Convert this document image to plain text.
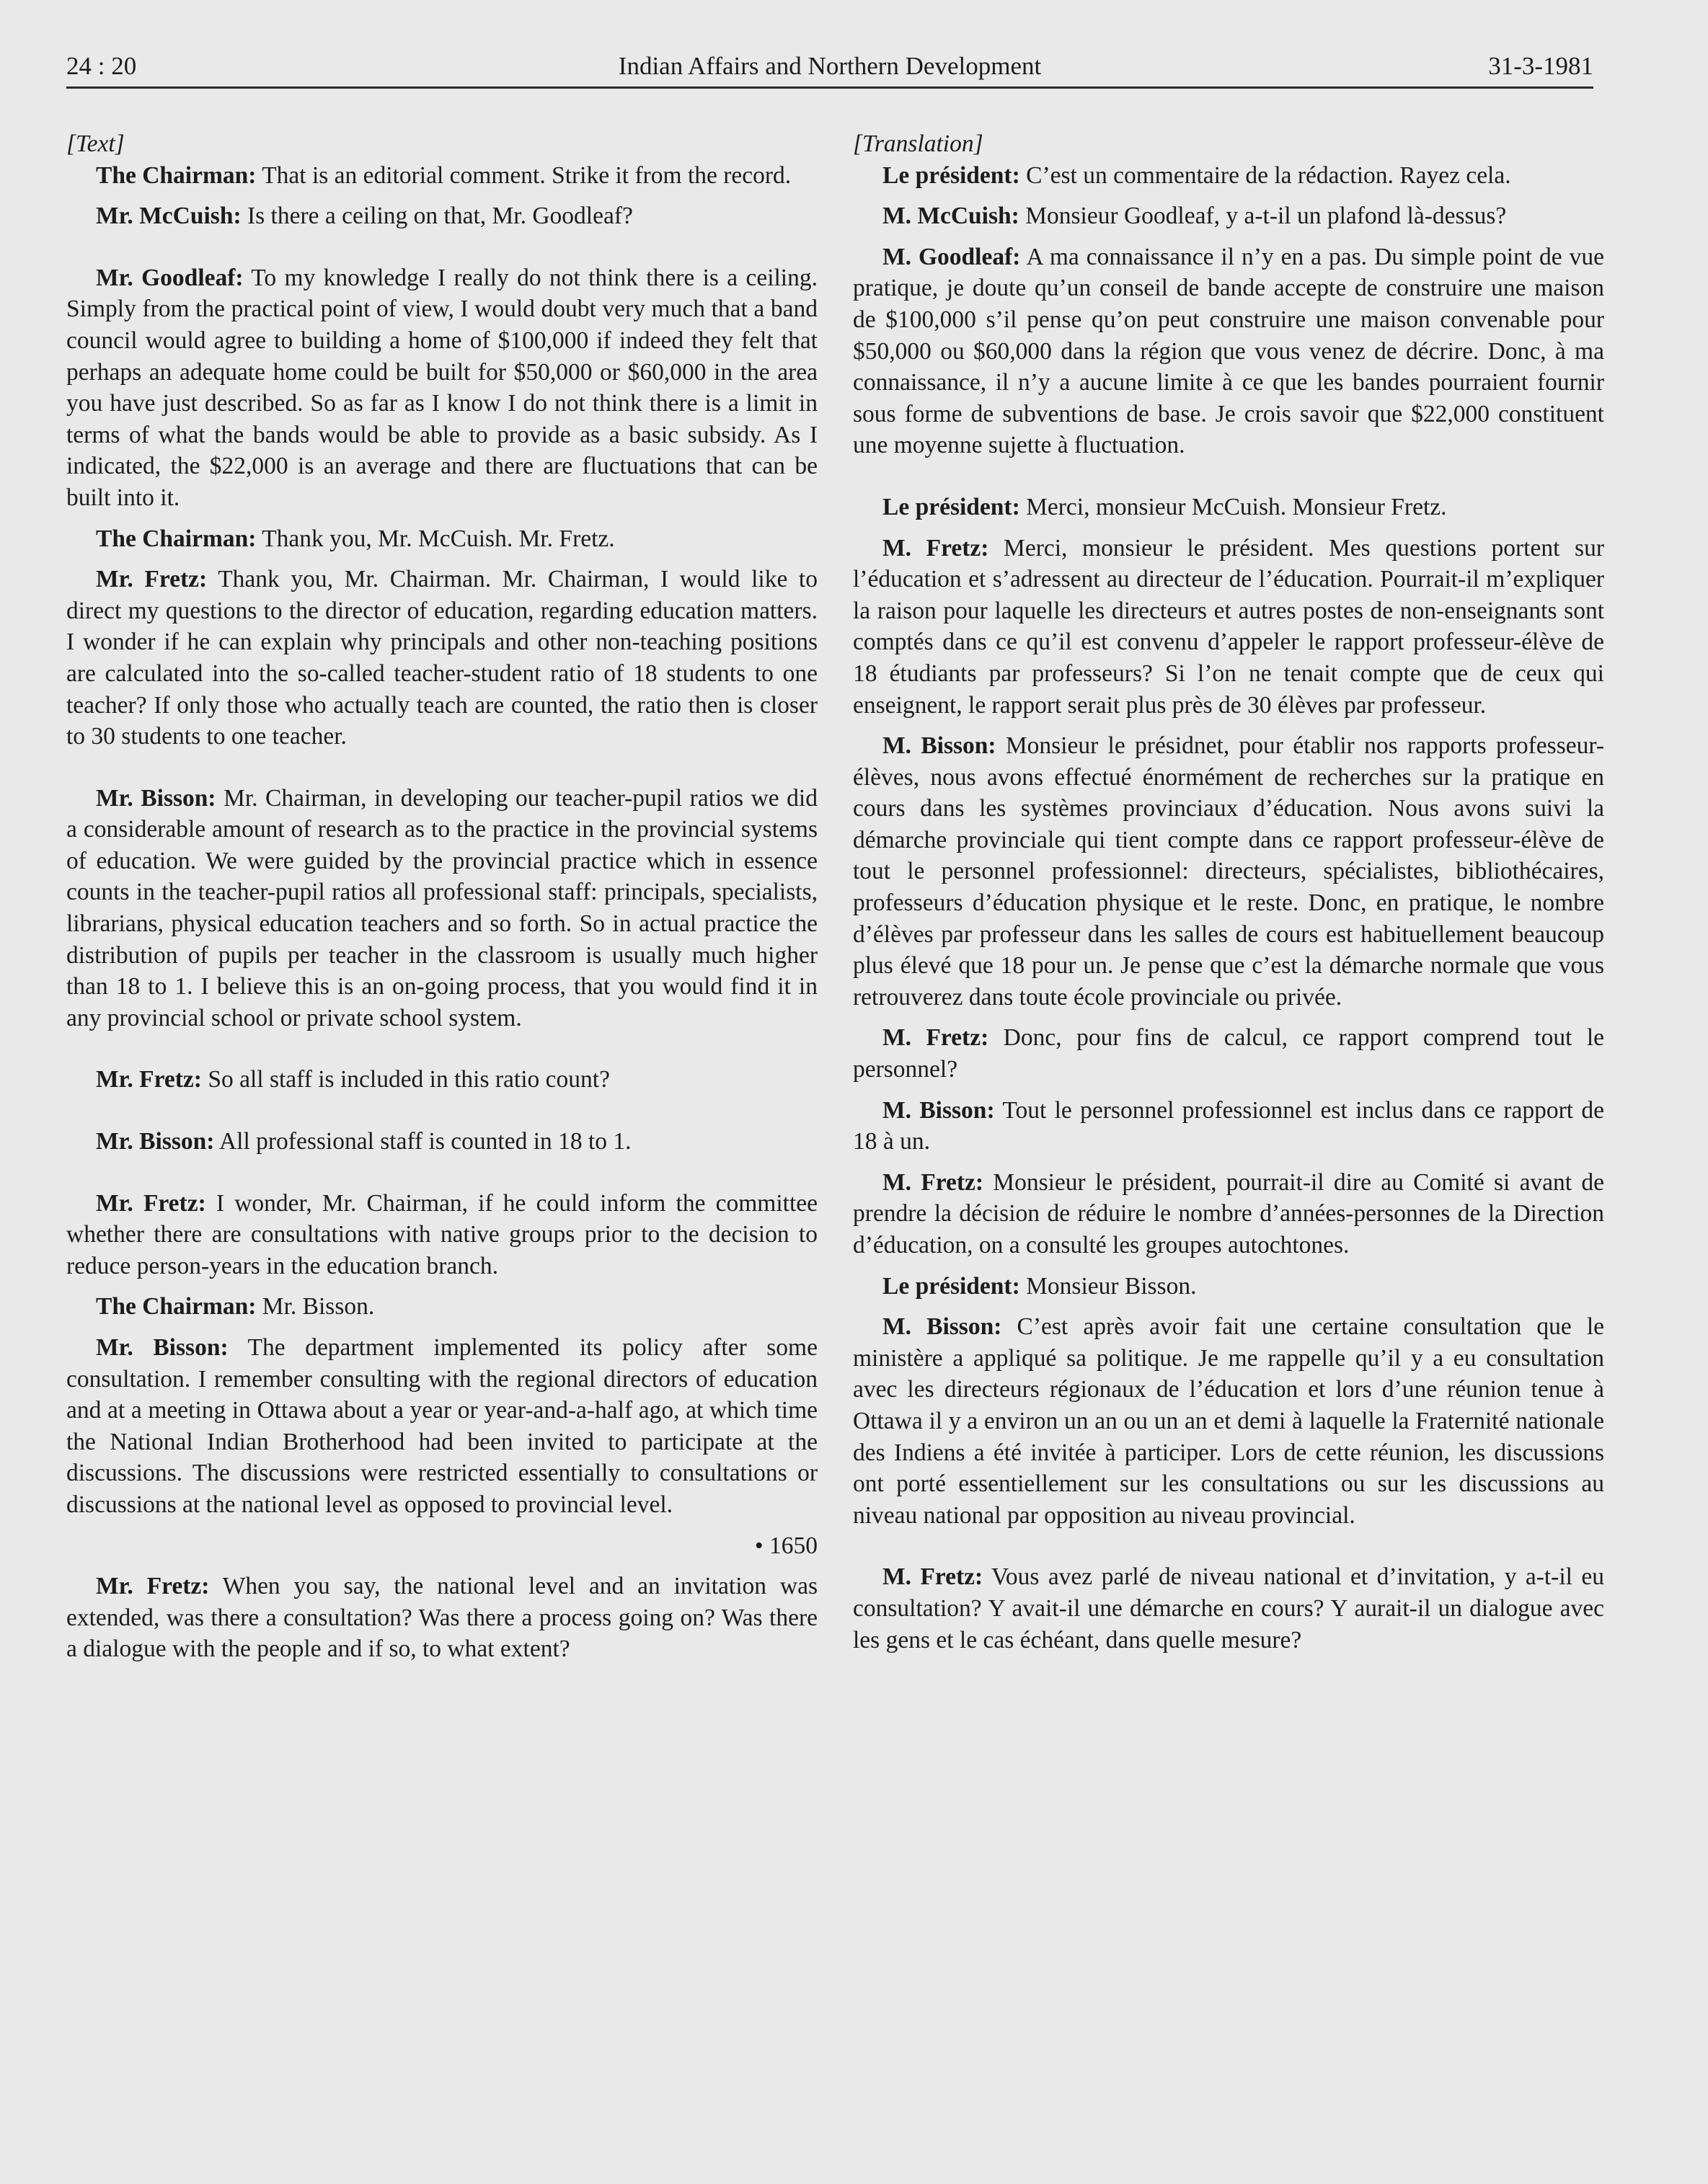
Indian Affairs and Northern Development
24 : 20	31-3-1981

[Text]

The Chairman: That is an editorial comment. Strike it from the record.

Mr. McCuish: Is there a ceiling on that, Mr. Goodleaf?

Mr. Goodleaf: To my knowledge I really do not think there is a ceiling. Simply from the practical point of view, I would doubt very much that a band council would agree to building a home of $100,000 if indeed they felt that perhaps an adequate home could be built for $50,000 or $60,000 in the area you have just described. So as far as I know I do not think there is a limit in terms of what the bands would be able to provide as a basic subsidy. As I indicated, the $22,000 is an average and there are fluctuations that can be built into it.

The Chairman: Thank you, Mr. McCuish. Mr. Fretz.

Mr. Fretz: Thank you, Mr. Chairman. Mr. Chairman, I would like to direct my questions to the director of education, regarding education matters. I wonder if he can explain why principals and other non-teaching positions are calculated into the so-called teacher-student ratio of 18 students to one teacher? If only those who actually teach are counted, the ratio then is closer to 30 students to one teacher.

Mr. Bisson: Mr. Chairman, in developing our teacher-pupil ratios we did a considerable amount of research as to the practice in the provincial systems of education. We were guided by the provincial practice which in essence counts in the teacher-pupil ratios all professional staff: principals, specialists, librarians, physical education teachers and so forth. So in actual practice the distribution of pupils per teacher in the classroom is usually much higher than 18 to 1. I believe this is an on-going process, that you would find it in any provincial school or private school system.

Mr. Fretz: So all staff is included in this ratio count?

Mr. Bisson: All professional staff is counted in 18 to 1.

Mr. Fretz: I wonder, Mr. Chairman, if he could inform the committee whether there are consultations with native groups prior to the decision to reduce person-years in the education branch.

The Chairman: Mr. Bisson.

Mr. Bisson: The department implemented its policy after some consultation. I remember consulting with the regional directors of education and at a meeting in Ottawa about a year or year-and-a-half ago, at which time the National Indian Brotherhood had been invited to participate at the discussions. The discussions were restricted essentially to consultations or discussions at the national level as opposed to provincial level.

• 1650

Mr. Fretz: When you say, the national level and an invitation was extended, was there a consultation? Was there a process going on? Was there a dialogue with the people and if so, to what extent?

[Translation]

Le président: C’est un commentaire de la rédaction. Rayez cela.

M. McCuish: Monsieur Goodleaf, y a-t-il un plafond là-dessus?

M. Goodleaf: A ma connaissance il n’y en a pas. Du simple point de vue pratique, je doute qu’un conseil de bande accepte de construire une maison de $100,000 s’il pense qu’on peut construire une maison convenable pour $50,000 ou $60,000 dans la région que vous venez de décrire. Donc, à ma connaissance, il n’y a aucune limite à ce que les bandes pourraient fournir sous forme de subventions de base. Je crois savoir que $22,000 constituent une moyenne sujette à fluctuation.

Le président: Merci, monsieur McCuish. Monsieur Fretz.

M. Fretz: Merci, monsieur le président. Mes questions portent sur l’éducation et s’adressent au directeur de l’éducation. Pourrait-il m’expliquer la raison pour laquelle les directeurs et autres postes de non-enseignants sont comptés dans ce qu’il est convenu d’appeler le rapport professeur-élève de 18 étudiants par professeurs? Si l’on ne tenait compte que de ceux qui enseignent, le rapport serait plus près de 30 élèves par professeur.

M. Bisson: Monsieur le présidnet, pour établir nos rapports professeur-élèves, nous avons effectué énormément de recherches sur la pratique en cours dans les systèmes provinciaux d’éducation. Nous avons suivi la démarche provinciale qui tient compte dans ce rapport professeur-élève de tout le personnel professionnel: directeurs, spécialistes, bibliothécaires, professeurs d’éducation physique et le reste. Donc, en pratique, le nombre d’élèves par professeur dans les salles de cours est habituellement beaucoup plus élevé que 18 pour un. Je pense que c’est la démarche normale que vous retrouverez dans toute école provinciale ou privée.

M. Fretz: Donc, pour fins de calcul, ce rapport comprend tout le personnel?

M. Bisson: Tout le personnel professionnel est inclus dans ce rapport de 18 à un.

M. Fretz: Monsieur le président, pourrait-il dire au Comité si avant de prendre la décision de réduire le nombre d’années-personnes de la Direction d’éducation, on a consulté les groupes autochtones.

Le président: Monsieur Bisson.

M. Bisson: C’est après avoir fait une certaine consultation que le ministère a appliqué sa politique. Je me rappelle qu’il y a eu consultation avec les directeurs régionaux de l’éducation et lors d’une réunion tenue à Ottawa il y a environ un an ou un an et demi à laquelle la Fraternité nationale des Indiens a été invitée à participer. Lors de cette réunion, les discussions ont porté essentiellement sur les consultations ou sur les discussions au niveau national par opposition au niveau provincial.

M. Fretz: Vous avez parlé de niveau national et d’invitation, y a-t-il eu consultation? Y avait-il une démarche en cours? Y aurait-il un dialogue avec les gens et le cas échéant, dans quelle mesure?
